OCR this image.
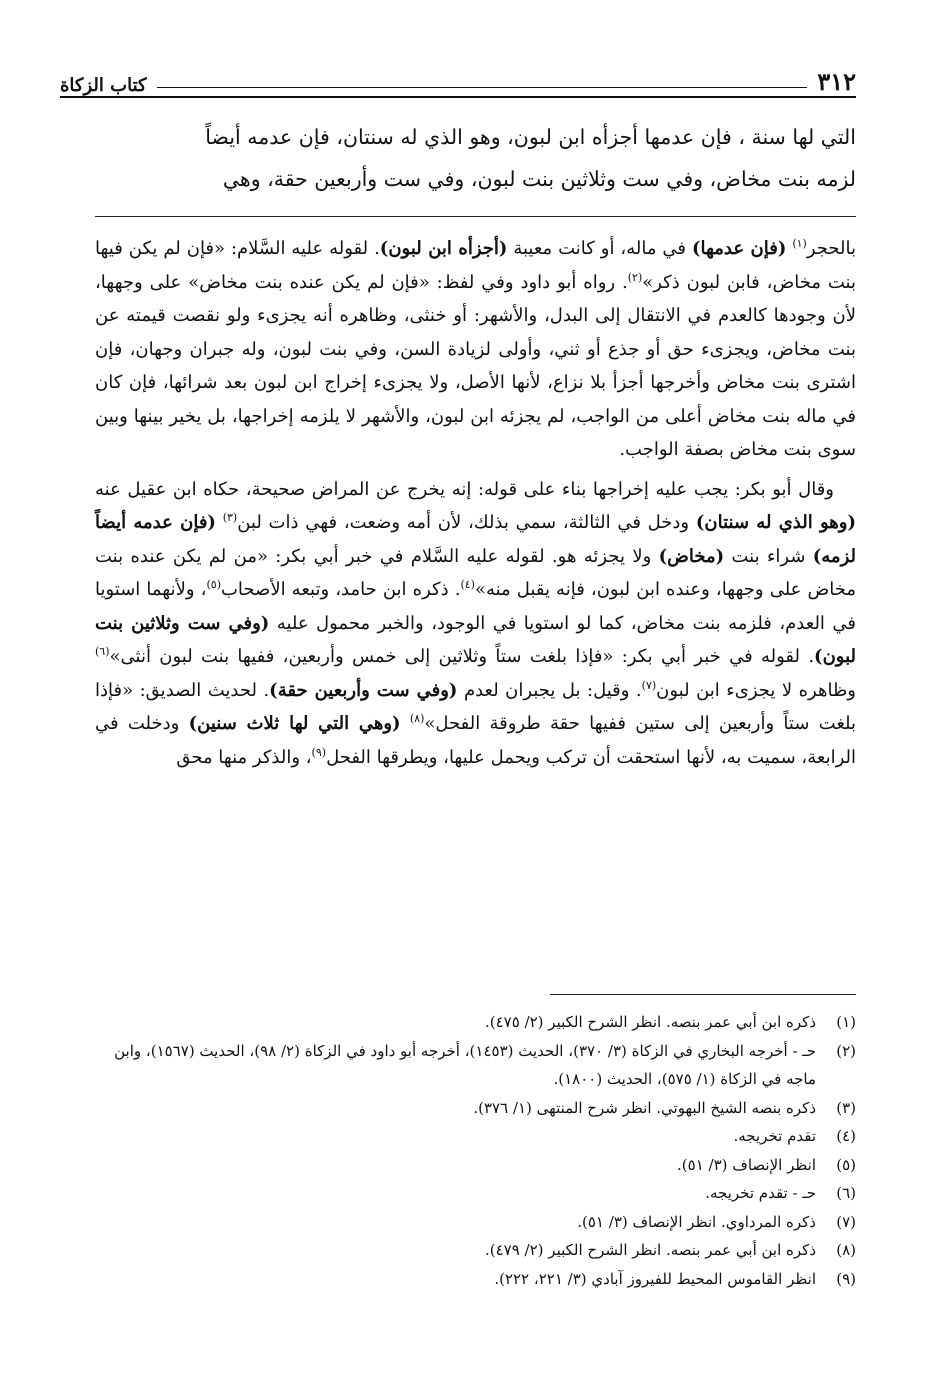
٣١٢
كتاب الزكاة
التي لها سنة ، فإن عدمها أجزأه ابن لبون، وهو الذي له سنتان، فإن عدمه أيضاً
لزمه بنت مخاض، وفي ست وثلاثين بنت لبون، وفي ست وأربعين حقة، وهي

بالحجر$^{(١)}$ (فإن عدمها) في ماله، أو كانت معيبة (أجزأه ابن لبون). لقوله عليه السَّلام: «فإن لم يكن فيها بنت مخاض، فابن لبون ذكر»$^{(٢)}$. رواه أبو داود وفي لفظ: «فإن لم يكن عنده بنت مخاض» على وجهها، لأن وجودها كالعدم في الانتقال إلى البدل، والأشهر: أو خنثى، وظاهره أنه يجزىء ولو نقصت قيمته عن بنت مخاض، ويجزىء حق أو جذع أو ثني، وأولى لزيادة السن، وفي بنت لبون، وله جبران وجهان، فإن اشترى بنت مخاض وأخرجها أجزأ بلا نزاع، لأنها الأصل، ولا يجزىء إخراج ابن لبون بعد شرائها، فإن كان في ماله بنت مخاض أعلى من الواجب، لم يجزئه ابن لبون، والأشهر لا يلزمه إخراجها، بل يخير بينها وبين سوى بنت مخاض بصفة الواجب.

وقال أبو بكر: يجب عليه إخراجها بناء على قوله: إنه يخرج عن المراض صحيحة، حكاه ابن عقيل عنه (وهو الذي له سنتان) ودخل في الثالثة، سمي بذلك، لأن أمه وضعت، فهي ذات لبن$^{(٣)}$ (فإن عدمه أيضاً لزمه) شراء بنت (مخاض) ولا يجزئه هو. لقوله عليه السَّلام في خبر أبي بكر: «من لم يكن عنده بنت مخاض على وجهها، وعنده ابن لبون، فإنه يقبل منه»$^{(٤)}$. ذكره ابن حامد، وتبعه الأصحاب$^{(٥)}$، ولأنهما استويا في العدم، فلزمه بنت مخاض، كما لو استويا في الوجود، والخبر محمول عليه (وفي ست وثلاثين بنت لبون). لقوله في خبر أبي بكر: «فإذا بلغت ستاً وثلاثين إلى خمس وأربعين، ففيها بنت لبون أنثى»$^{(٦)}$ وظاهره لا يجزىء ابن لبون$^{(٧)}$. وقيل: بل يجبران لعدم (وفي ست وأربعين حقة). لحديث الصديق: «فإذا بلغت ستاً وأربعين إلى ستين ففيها حقة طروقة الفحل»$^{(٨)}$ (وهي التي لها ثلاث سنين) ودخلت في الرابعة، سميت به، لأنها استحقت أن تركب ويحمل عليها، ويطرقها الفحل$^{(٩)}$، والذكر منها محق

(١)
ذكره ابن أبي عمر بنصه. انظر الشرح الكبير (٢/ ٤٧٥).
(٢)
حـ - أخرجه البخاري في الزكاة (٣/ ٣٧٠)، الحديث (١٤٥٣)، أخرجه أبو داود في الزكاة (٢/ ٩٨)، الحديث (١٥٦٧)، وابن ماجه في الزكاة (١/ ٥٧٥)، الحديث (١٨٠٠).
(٣)
ذكره بنصه الشيخ البهوتي. انظر شرح المنتهى (١/ ٣٧٦).
(٤)
تقدم تخريجه.
(٥)
انظر الإنصاف (٣/ ٥١).
(٦)
حـ - تقدم تخريجه.
(٧)
ذكره المرداوي. انظر الإنصاف (٣/ ٥١).
(٨)
ذكره ابن أبي عمر بنصه. انظر الشرح الكبير (٢/ ٤٧٩).
(٩)
انظر القاموس المحيط للفيروز آبادي (٣/ ٢٢١، ٢٢٢).
